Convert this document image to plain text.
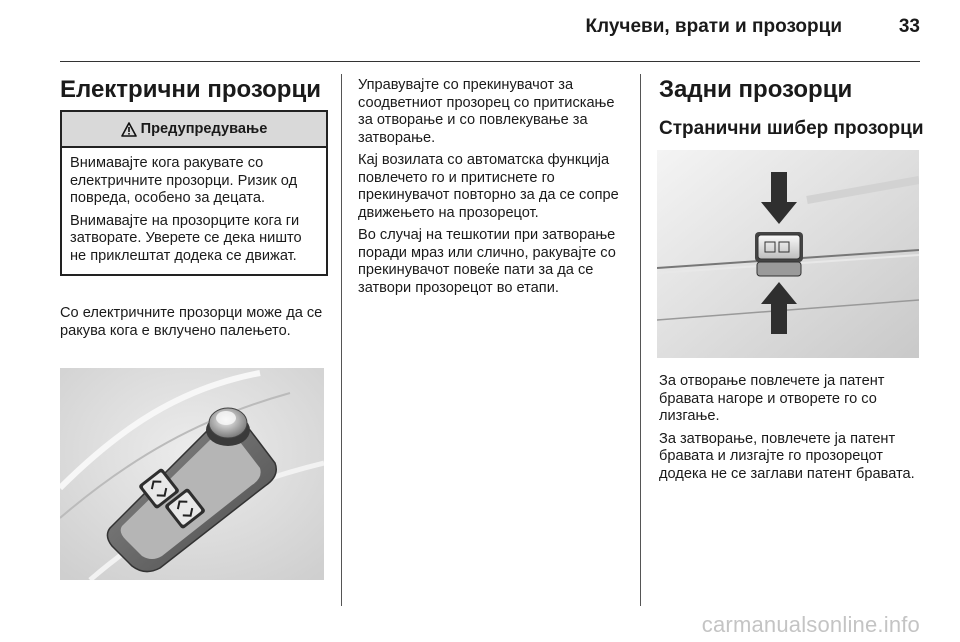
Клучеви, врати и прозорци	33
Електрични прозорци
Предупредување

Внимавајте кога ракувате со електричните прозорци. Ризик од повреда, особено за децата.

Внимавајте на прозорците кога ги затворате. Уверете се дека ништо не приклештат додека се движат.

Со електричните прозорци може да се ракува кога е вклучено палењето.

Управувајте со прекинувачот за соодветниот прозорец со притискање за отворање и со повлекување за затворање.

Кај возилата со автоматска функција повлечето го и притиснете го прекинувачот повторно за да се сопре движењето на прозорецот.

Во случај на тешкотии при затворање поради мраз или слично, ракувајте со прекинувачот повеќе пати за да се затвори прозорецот во етапи.

Задни прозорци
Странични шибер прозорци

За отворање повлечете ја патент бравата нагоре и отворете го со лизгање.

За затворање, повлечете ја патент бравата и лизгајте го прозорецот додека не се заглави патент бравата.

carmanualsonline.info
